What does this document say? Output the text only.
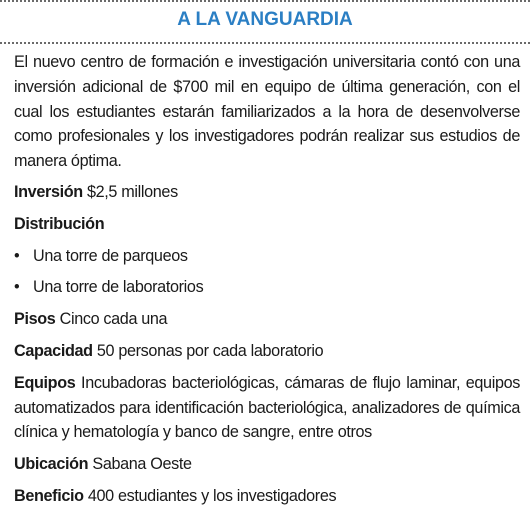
A LA VANGUARDIA

El nuevo centro de formación e investigación universitaria contó con una inversión adicional de $700 mil en equipo de última generación, con el cual los estudiantes estarán familiarizados a la hora de desenvolverse como profesionales y los investigadores podrán realizar sus estudios de manera óptima.

Inversión $2,5 millones
Distribución
• Una torre de parqueos
• Una torre de laboratorios
Pisos Cinco cada una
Capacidad 50 personas por cada laboratorio
Equipos Incubadoras bacteriológicas, cámaras de flujo laminar, equipos automatizados para identificación bacteriológica, analizadores de química clínica y hematología y banco de sangre, entre otros
Ubicación Sabana Oeste
Beneficio 400 estudiantes y los investigadores
